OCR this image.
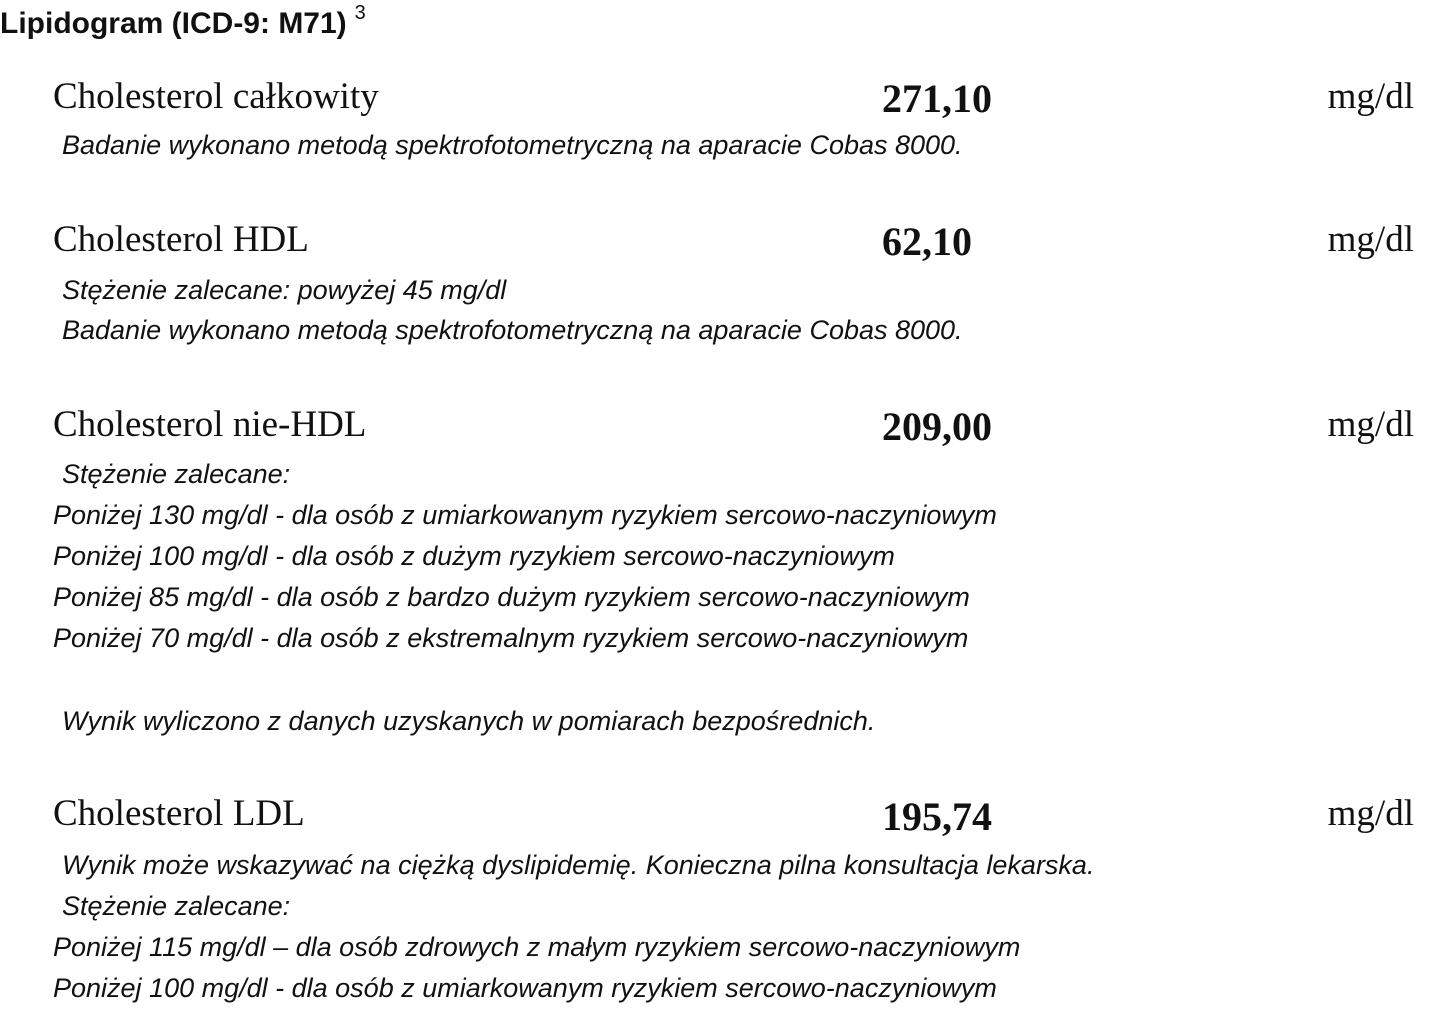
Lipidogram (ICD-9: M71) $^3$
Cholesterol całkowity	271,10	mg/dl
Badanie wykonano metodą spektrofotometryczną na aparacie Cobas 8000.
Cholesterol HDL	62,10	mg/dl
Stężenie zalecane: powyżej 45 mg/dl
Badanie wykonano metodą spektrofotometryczną na aparacie Cobas 8000.
Cholesterol nie-HDL	209,00	mg/dl
Stężenie zalecane:
Poniżej 130 mg/dl - dla osób z umiarkowanym ryzykiem sercowo-naczyniowym
Poniżej 100 mg/dl - dla osób z dużym ryzykiem sercowo-naczyniowym
Poniżej 85 mg/dl - dla osób z bardzo dużym ryzykiem sercowo-naczyniowym
Poniżej 70 mg/dl - dla osób z ekstremalnym ryzykiem sercowo-naczyniowym
Wynik wyliczono z danych uzyskanych w pomiarach bezpośrednich.
Cholesterol LDL	195,74	mg/dl
Wynik może wskazywać na ciężką dyslipidemię. Konieczna pilna konsultacja lekarska.
Stężenie zalecane:
Poniżej 115 mg/dl – dla osób zdrowych z małym ryzykiem sercowo-naczyniowym
Poniżej 100 mg/dl - dla osób z umiarkowanym ryzykiem sercowo-naczyniowym
